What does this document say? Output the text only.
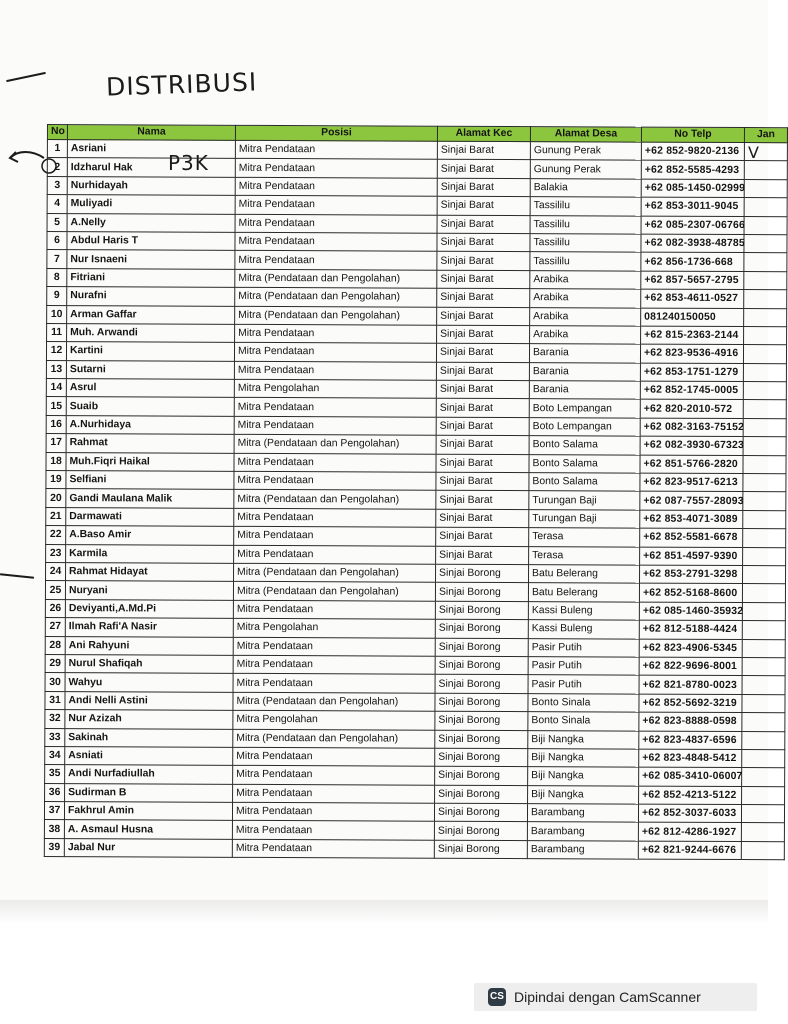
DISTRIBUSI
P3K	V
No	Nama	Posisi	Alamat Kec	Alamat Desa	No Telp	Jan
1	Asriani	Mitra Pendataan	Sinjai Barat	Gunung Perak	+62 852-9820-2136	
2	Idzharul Hak	Mitra Pendataan	Sinjai Barat	Gunung Perak	+62 852-5585-4293	
3	Nurhidayah	Mitra Pendataan	Sinjai Barat	Balakia	+62 085-1450-02999	
4	Muliyadi	Mitra Pendataan	Sinjai Barat	Tassililu	+62 853-3011-9045	
5	A.Nelly	Mitra Pendataan	Sinjai Barat	Tassililu	+62 085-2307-06766	
6	Abdul Haris T	Mitra Pendataan	Sinjai Barat	Tassililu	+62 082-3938-48785	
7	Nur Isnaeni	Mitra Pendataan	Sinjai Barat	Tassililu	+62 856-1736-668	
8	Fitriani	Mitra (Pendataan dan Pengolahan)	Sinjai Barat	Arabika	+62 857-5657-2795	
9	Nurafni	Mitra (Pendataan dan Pengolahan)	Sinjai Barat	Arabika	+62 853-4611-0527	
10	Arman Gaffar	Mitra (Pendataan dan Pengolahan)	Sinjai Barat	Arabika	081240150050	
11	Muh. Arwandi	Mitra Pendataan	Sinjai Barat	Arabika	+62 815-2363-2144	
12	Kartini	Mitra Pendataan	Sinjai Barat	Barania	+62 823-9536-4916	
13	Sutarni	Mitra Pendataan	Sinjai Barat	Barania	+62 853-1751-1279	
14	Asrul	Mitra Pengolahan	Sinjai Barat	Barania	+62 852-1745-0005	
15	Suaib	Mitra Pendataan	Sinjai Barat	Boto Lempangan	+62 820-2010-572	
16	A.Nurhidaya	Mitra Pendataan	Sinjai Barat	Boto Lempangan	+62 082-3163-75152	
17	Rahmat	Mitra (Pendataan dan Pengolahan)	Sinjai Barat	Bonto Salama	+62 082-3930-67323	
18	Muh.Fiqri Haikal	Mitra Pendataan	Sinjai Barat	Bonto Salama	+62 851-5766-2820	
19	Selfiani	Mitra Pendataan	Sinjai Barat	Bonto Salama	+62 823-9517-6213	
20	Gandi Maulana Malik	Mitra (Pendataan dan Pengolahan)	Sinjai Barat	Turungan Baji	+62 087-7557-28093	
21	Darmawati	Mitra Pendataan	Sinjai Barat	Turungan Baji	+62 853-4071-3089	
22	A.Baso Amir	Mitra Pendataan	Sinjai Barat	Terasa	+62 852-5581-6678	
23	Karmila	Mitra Pendataan	Sinjai Barat	Terasa	+62 851-4597-9390	
24	Rahmat Hidayat	Mitra (Pendataan dan Pengolahan)	Sinjai Borong	Batu Belerang	+62 853-2791-3298	
25	Nuryani	Mitra (Pendataan dan Pengolahan)	Sinjai Borong	Batu Belerang	+62 852-5168-8600	
26	Deviyanti,A.Md.Pi	Mitra Pendataan	Sinjai Borong	Kassi Buleng	+62 085-1460-35932	
27	Ilmah Rafi'A Nasir	Mitra Pengolahan	Sinjai Borong	Kassi Buleng	+62 812-5188-4424	
28	Ani Rahyuni	Mitra Pendataan	Sinjai Borong	Pasir Putih	+62 823-4906-5345	
29	Nurul Shafiqah	Mitra Pendataan	Sinjai Borong	Pasir Putih	+62 822-9696-8001	
30	Wahyu	Mitra Pendataan	Sinjai Borong	Pasir Putih	+62 821-8780-0023	
31	Andi Nelli Astini	Mitra (Pendataan dan Pengolahan)	Sinjai Borong	Bonto Sinala	+62 852-5692-3219	
32	Nur Azizah	Mitra Pengolahan	Sinjai Borong	Bonto Sinala	+62 823-8888-0598	
33	Sakinah	Mitra (Pendataan dan Pengolahan)	Sinjai Borong	Biji Nangka	+62 823-4837-6596	
34	Asniati	Mitra Pendataan	Sinjai Borong	Biji Nangka	+62 823-4848-5412	
35	Andi Nurfadiullah	Mitra Pendataan	Sinjai Borong	Biji Nangka	+62 085-3410-06007	
36	Sudirman B	Mitra Pendataan	Sinjai Borong	Biji Nangka	+62 852-4213-5122	
37	Fakhrul Amin	Mitra Pendataan	Sinjai Borong	Barambang	+62 852-3037-6033	
38	A. Asmaul Husna	Mitra Pendataan	Sinjai Borong	Barambang	+62 812-4286-1927	
39	Jabal Nur	Mitra Pendataan	Sinjai Borong	Barambang	+62 821-9244-6676	
CS Dipindai dengan CamScanner
